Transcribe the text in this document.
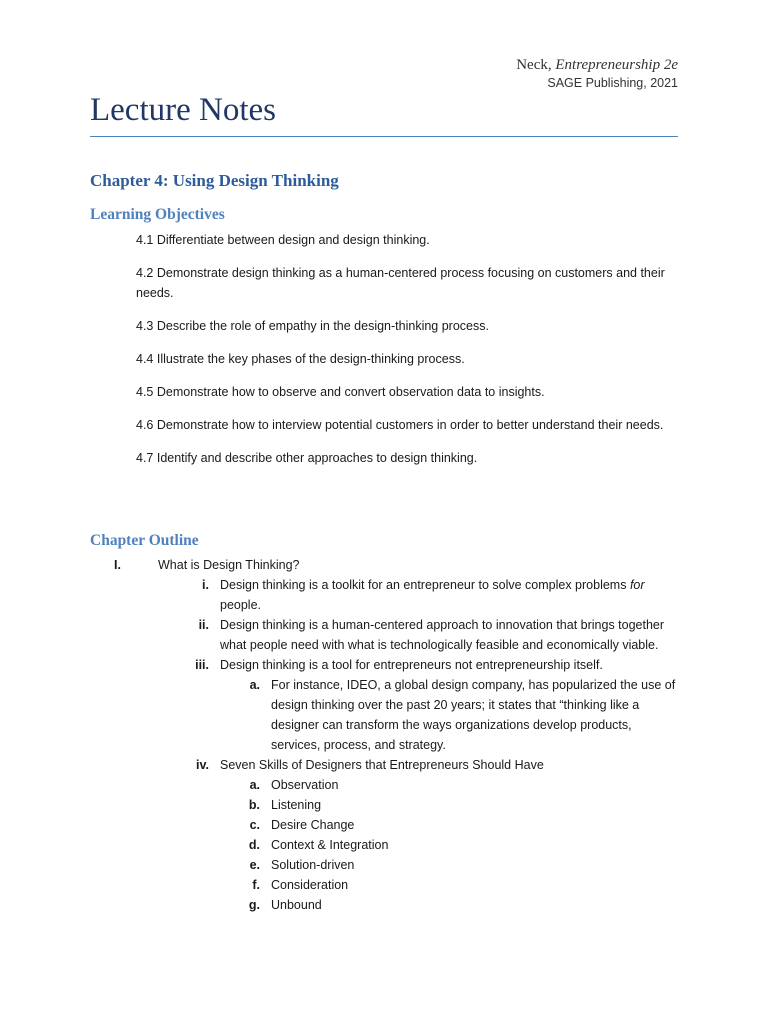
Neck, Entrepreneurship 2e
SAGE Publishing, 2021
Lecture Notes
Chapter 4: Using Design Thinking
Learning Objectives

4.1 Differentiate between design and design thinking.

4.2 Demonstrate design thinking as a human-centered process focusing on customers and their needs.

4.3 Describe the role of empathy in the design-thinking process.

4.4 Illustrate the key phases of the design-thinking process.

4.5 Demonstrate how to observe and convert observation data to insights.

4.6 Demonstrate how to interview potential customers in order to better understand their needs.

4.7 Identify and describe other approaches to design thinking.

Chapter Outline
I.	What is Design Thinking?
i. Design thinking is a toolkit for an entrepreneur to solve complex problems for
people.
ii. Design thinking is a human-centered approach to innovation that brings together
what people need with what is technologically feasible and economically viable.
iii. Design thinking is a tool for entrepreneurs not entrepreneurship itself.
a. For instance, IDEO, a global design company, has popularized the use of
design thinking over the past 20 years; it states that “thinking like a
designer can transform the ways organizations develop products,
services, process, and strategy.
iv. Seven Skills of Designers that Entrepreneurs Should Have
a. Observation
b. Listening
c. Desire Change
d. Context & Integration
e. Solution-driven
f. Consideration
g. Unbound
